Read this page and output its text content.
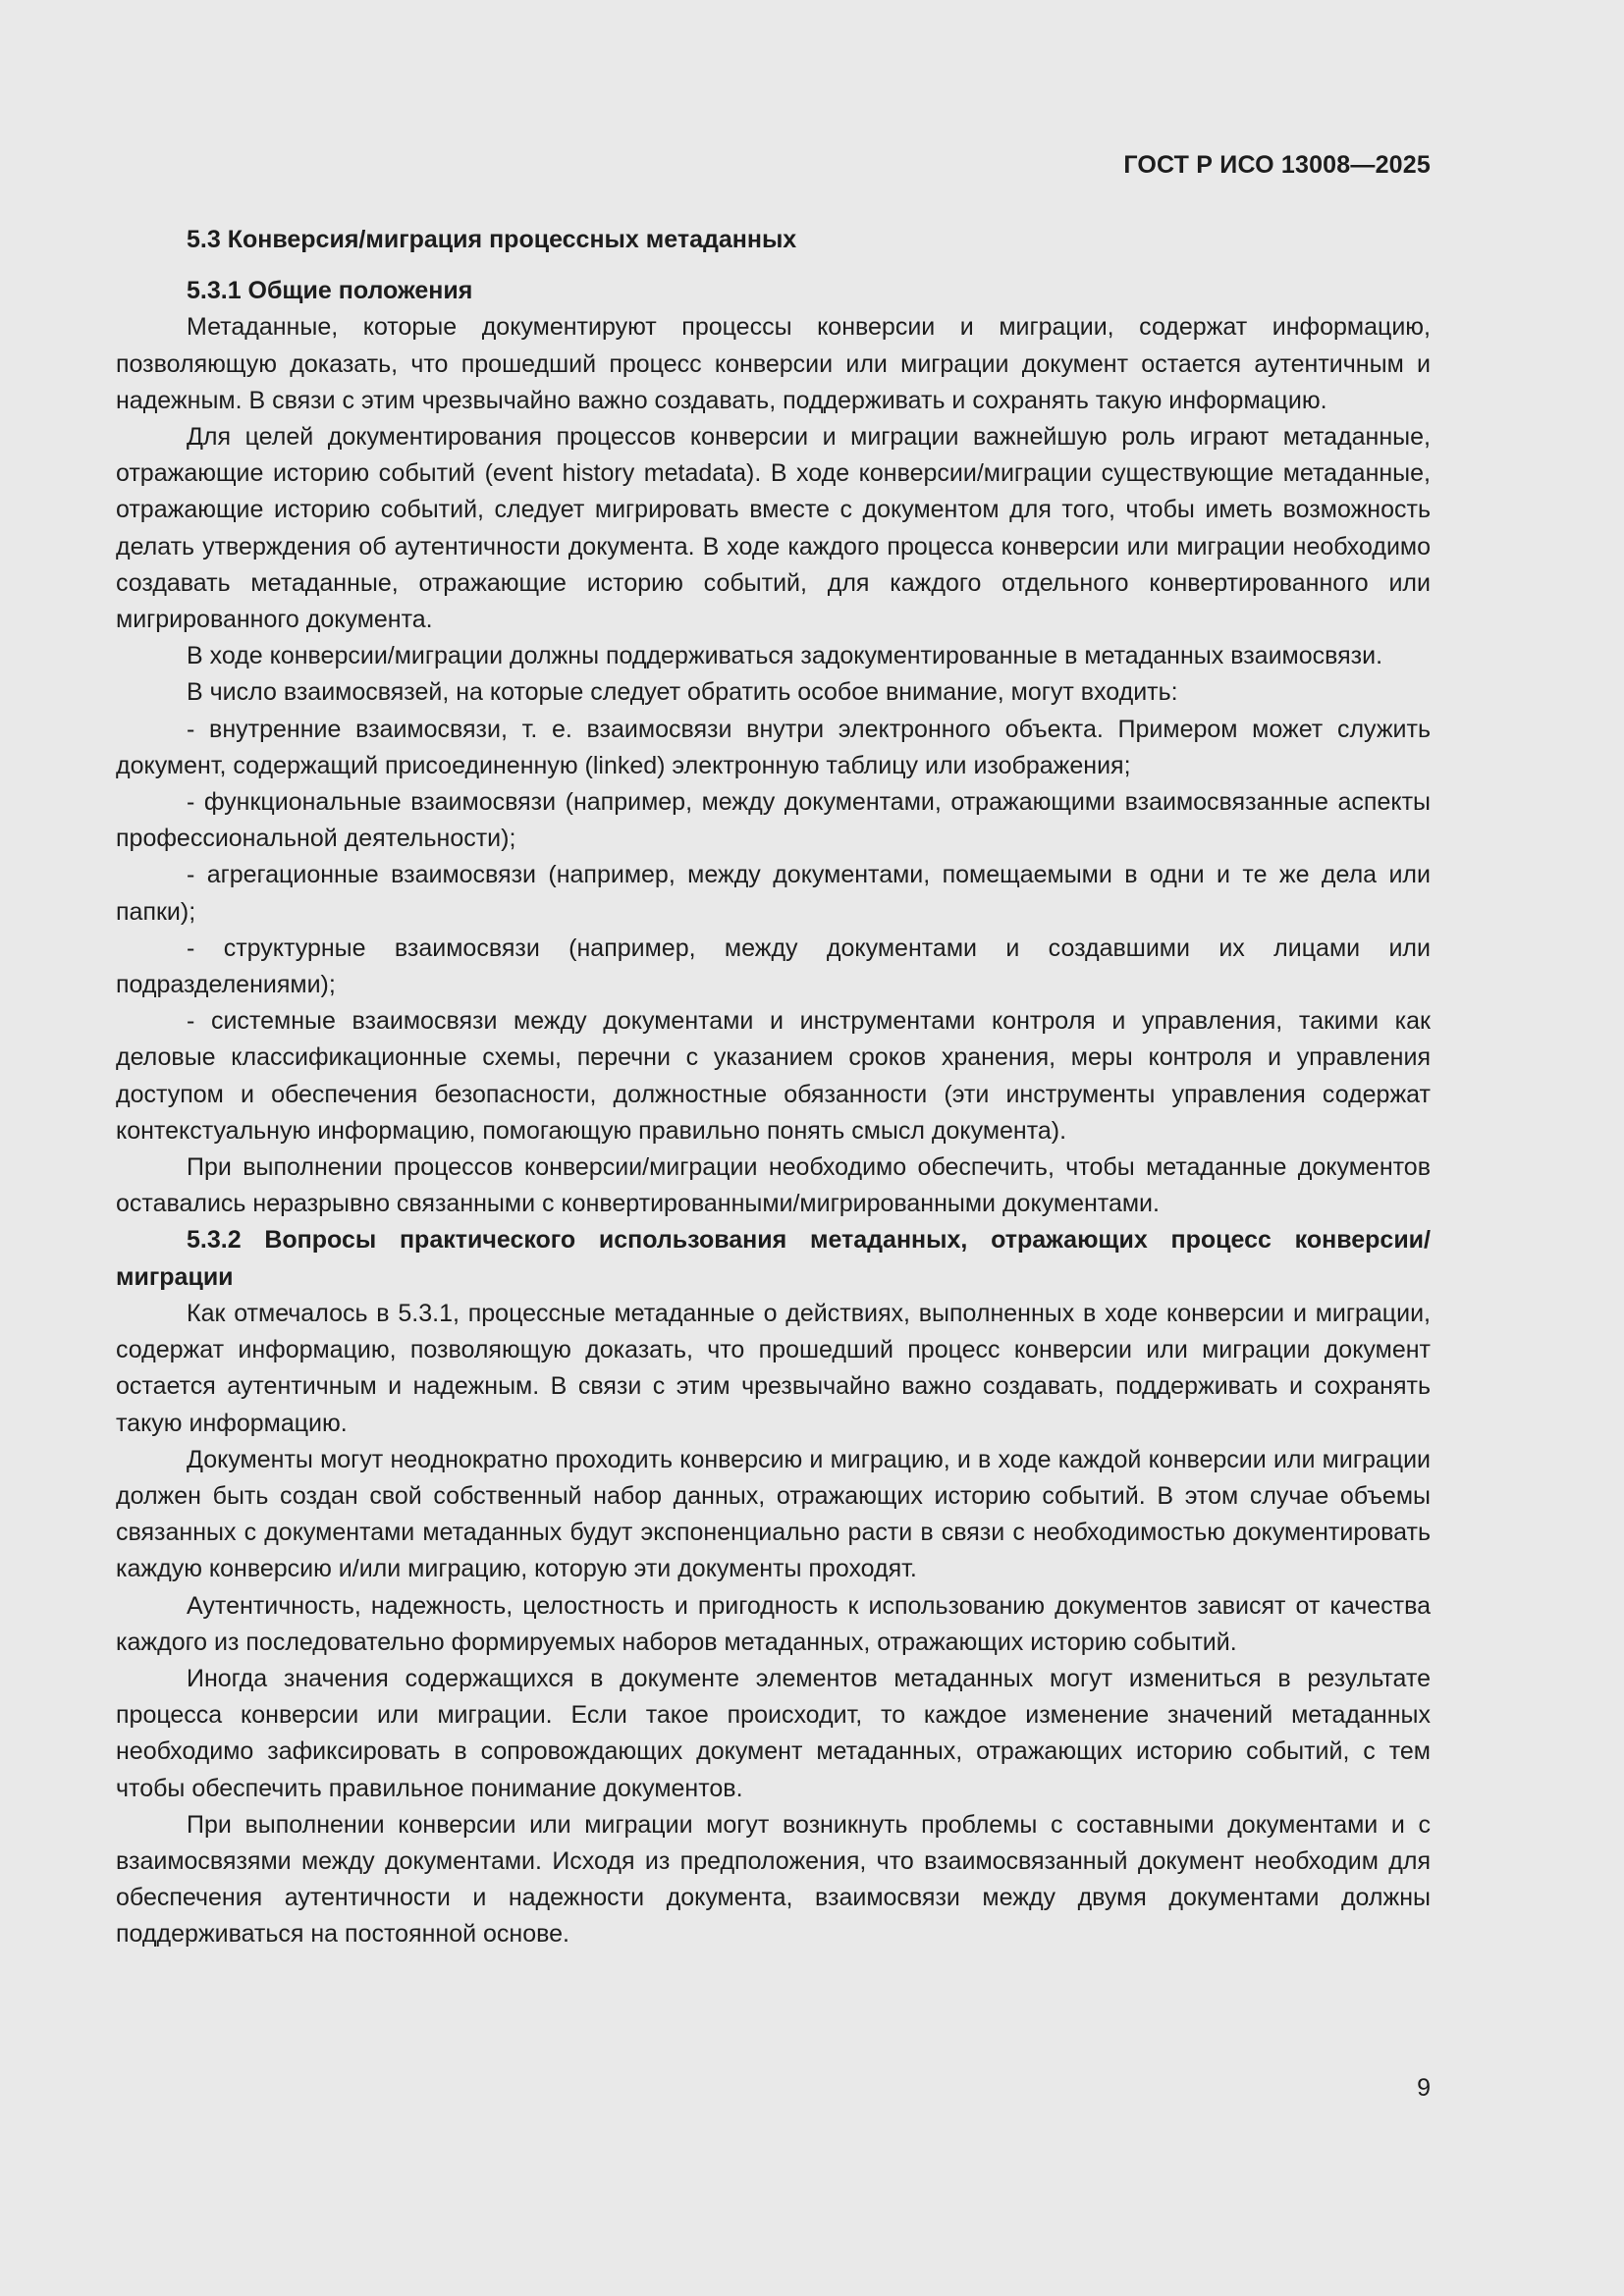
ГОСТ Р ИСО 13008—2025

5.3 Конверсия/миграция процессных метаданных

5.3.1 Общие положения

Метаданные, которые документируют процессы конверсии и миграции, содержат информацию, позволяющую доказать, что прошедший процесс конверсии или миграции документ остается аутентичным и надежным. В связи с этим чрезвычайно важно создавать, поддерживать и сохранять такую информацию.

Для целей документирования процессов конверсии и миграции важнейшую роль играют метаданные, отражающие историю событий (event history metadata). В ходе конверсии/миграции существующие метаданные, отражающие историю событий, следует мигрировать вместе с документом для того, чтобы иметь возможность делать утверждения об аутентичности документа. В ходе каждого процесса конверсии или миграции необходимо создавать метаданные, отражающие историю событий, для каждого отдельного конвертированного или мигрированного документа.

В ходе конверсии/миграции должны поддерживаться задокументированные в метаданных взаимосвязи.

В число взаимосвязей, на которые следует обратить особое внимание, могут входить:

- внутренние взаимосвязи, т. е. взаимосвязи внутри электронного объекта. Примером может служить документ, содержащий присоединенную (linked) электронную таблицу или изображения;

- функциональные взаимосвязи (например, между документами, отражающими взаимосвязанные аспекты профессиональной деятельности);

- агрегационные взаимосвязи (например, между документами, помещаемыми в одни и те же дела или папки);

- структурные взаимосвязи (например, между документами и создавшими их лицами или подразделениями);

- системные взаимосвязи между документами и инструментами контроля и управления, такими как деловые классификационные схемы, перечни с указанием сроков хранения, меры контроля и управления доступом и обеспечения безопасности, должностные обязанности (эти инструменты управления содержат контекстуальную информацию, помогающую правильно понять смысл документа).

При выполнении процессов конверсии/миграции необходимо обеспечить, чтобы метаданные документов оставались неразрывно связанными с конвертированными/мигрированными документами.

5.3.2 Вопросы практического использования метаданных, отражающих процесс конверсии/миграции

Как отмечалось в 5.3.1, процессные метаданные о действиях, выполненных в ходе конверсии и миграции, содержат информацию, позволяющую доказать, что прошедший процесс конверсии или миграции документ остается аутентичным и надежным. В связи с этим чрезвычайно важно создавать, поддерживать и сохранять такую информацию.

Документы могут неоднократно проходить конверсию и миграцию, и в ходе каждой конверсии или миграции должен быть создан свой собственный набор данных, отражающих историю событий. В этом случае объемы связанных с документами метаданных будут экспоненциально расти в связи с необходимостью документировать каждую конверсию и/или миграцию, которую эти документы проходят.

Аутентичность, надежность, целостность и пригодность к использованию документов зависят от качества каждого из последовательно формируемых наборов метаданных, отражающих историю событий.

Иногда значения содержащихся в документе элементов метаданных могут измениться в результате процесса конверсии или миграции. Если такое происходит, то каждое изменение значений метаданных необходимо зафиксировать в сопровождающих документ метаданных, отражающих историю событий, с тем чтобы обеспечить правильное понимание документов.

При выполнении конверсии или миграции могут возникнуть проблемы с составными документами и с взаимосвязями между документами. Исходя из предположения, что взаимосвязанный документ необходим для обеспечения аутентичности и надежности документа, взаимосвязи между двумя документами должны поддерживаться на постоянной основе.

9
